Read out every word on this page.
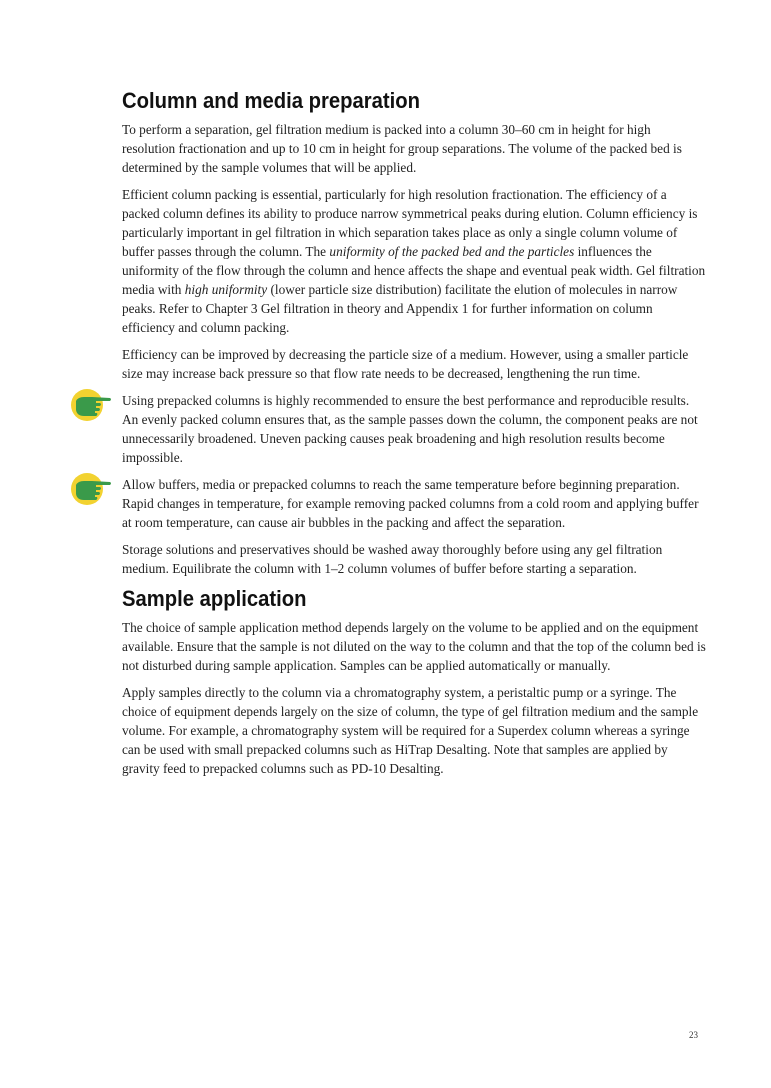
Column and media preparation

To perform a separation, gel filtration medium is packed into a column 30–60 cm in height for high resolution fractionation and up to 10 cm in height for group separations. The volume of the packed bed is determined by the sample volumes that will be applied.

Efficient column packing is essential, particularly for high resolution fractionation. The efficiency of a packed column defines its ability to produce narrow symmetrical peaks during elution. Column efficiency is particularly important in gel filtration in which separation takes place as only a single column volume of buffer passes through the column. The uniformity of the packed bed and the particles influences the uniformity of the flow through the column and hence affects the shape and eventual peak width. Gel filtration media with high uniformity (lower particle size distribution) facilitate the elution of molecules in narrow peaks. Refer to Chapter 3 Gel filtration in theory and Appendix 1 for further information on column efficiency and column packing.

Efficiency can be improved by decreasing the particle size of a medium. However, using a smaller particle size may increase back pressure so that flow rate needs to be decreased, lengthening the run time.

Using prepacked columns is highly recommended to ensure the best performance and reproducible results. An evenly packed column ensures that, as the sample passes down the column, the component peaks are not unnecessarily broadened. Uneven packing causes peak broadening and high resolution results become impossible.

Allow buffers, media or prepacked columns to reach the same temperature before beginning preparation. Rapid changes in temperature, for example removing packed columns from a cold room and applying buffer at room temperature, can cause air bubbles in the packing and affect the separation.

Storage solutions and preservatives should be washed away thoroughly before using any gel filtration medium. Equilibrate the column with 1–2 column volumes of buffer before starting a separation.

Sample application

The choice of sample application method depends largely on the volume to be applied and on the equipment available. Ensure that the sample is not diluted on the way to the column and that the top of the column bed is not disturbed during sample application. Samples can be applied automatically or manually.

Apply samples directly to the column via a chromatography system, a peristaltic pump or a syringe. The choice of equipment depends largely on the size of column, the type of gel filtration medium and the sample volume. For example, a chromatography system will be required for a Superdex column whereas a syringe can be used with small prepacked columns such as HiTrap Desalting. Note that samples are applied by gravity feed to prepacked columns such as PD-10 Desalting.

23
